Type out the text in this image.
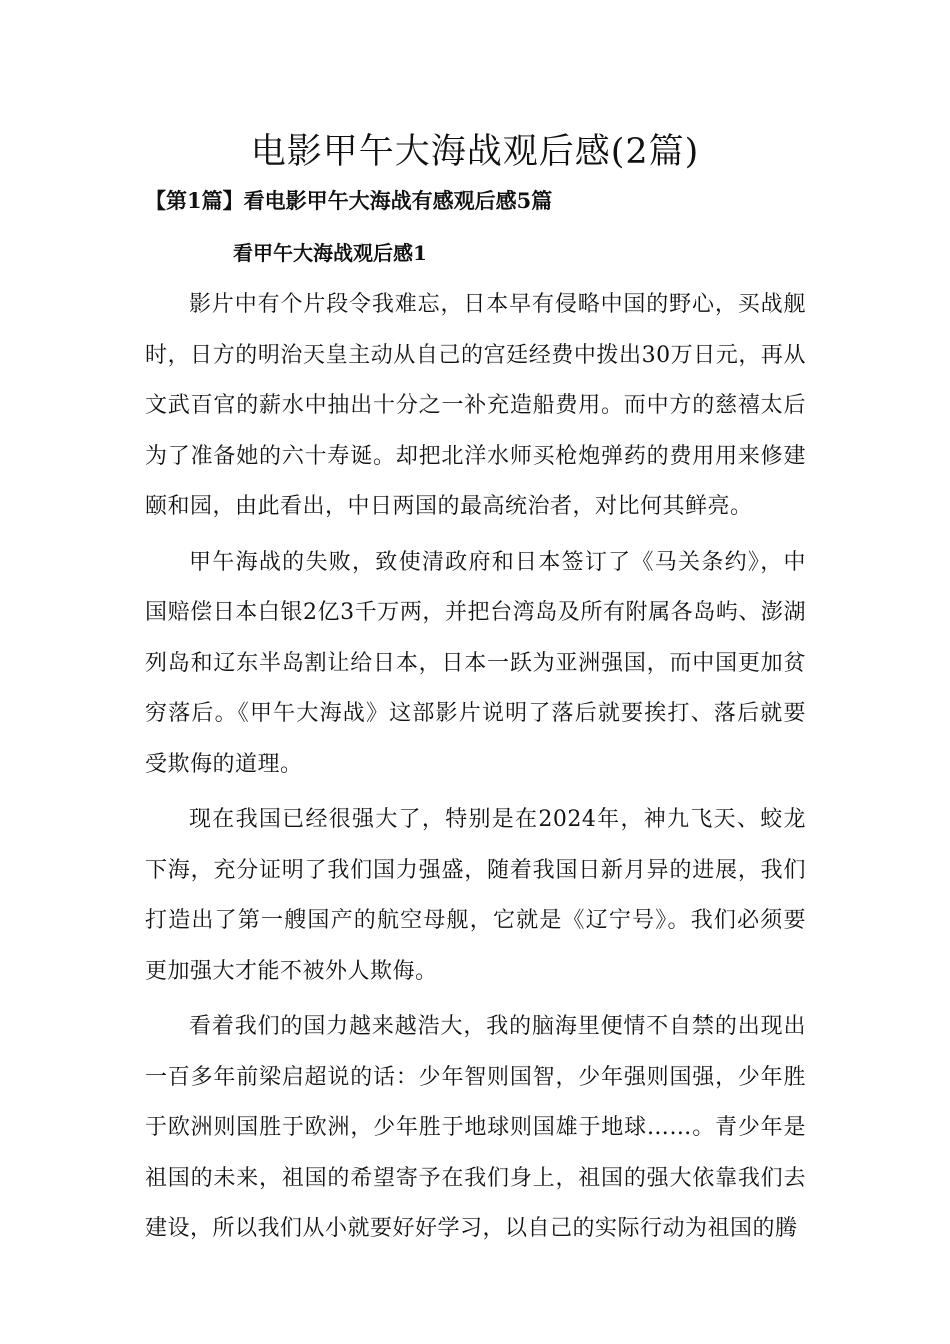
电影甲午大海战观后感(2篇)
【第1篇】看电影甲午大海战有感观后感5篇
看甲午大海战观后感1

影片中有个片段令我难忘，日本早有侵略中国的野心，买战舰时，日方的明治天皇主动从自己的宫廷经费中拨出30万日元，再从文武百官的薪水中抽出十分之一补充造船费用。而中方的慈禧太后为了准备她的六十寿诞。却把北洋水师买枪炮弹药的费用用来修建颐和园，由此看出，中日两国的最高统治者，对比何其鲜亮。

甲午海战的失败，致使清政府和日本签订了《马关条约》，中国赔偿日本白银2亿3千万两，并把台湾岛及所有附属各岛屿、澎湖列岛和辽东半岛割让给日本，日本一跃为亚洲强国，而中国更加贫穷落后。《甲午大海战》这部影片说明了落后就要挨打、落后就要受欺侮的道理。

现在我国已经很强大了，特别是在2024年，神九飞天、蛟龙下海，充分证明了我们国力强盛，随着我国日新月异的进展，我们打造出了第一艘国产的航空母舰，它就是《辽宁号》。我们必须要更加强大才能不被外人欺侮。

看着我们的国力越来越浩大，我的脑海里便情不自禁的出现出一百多年前梁启超说的话：少年智则国智，少年强则国强，少年胜于欧洲则国胜于欧洲，少年胜于地球则国雄于地球……。青少年是祖国的未来，祖国的希望寄予在我们身上，祖国的强大依靠我们去建设，所以我们从小就要好好学习，以自己的实际行动为祖国的腾
